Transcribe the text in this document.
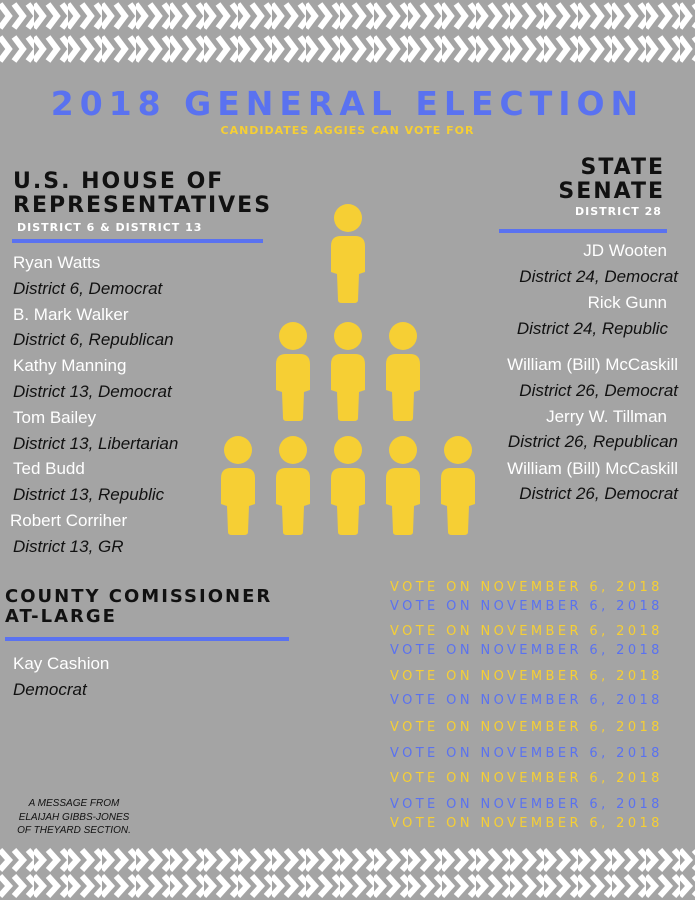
2018 GENERAL ELECTION
CANDIDATES AGGIES CAN VOTE FOR
U.S. HOUSE OF
REPRESENTATIVES
DISTRICT 6 & DISTRICT 13
Ryan Watts
District 6, Democrat
B. Mark Walker
District 6, Republican
Kathy Manning
District 13, Democrat
Tom Bailey
District 13, Libertarian
Ted Budd
District 13, Republic
Robert Corriher
District 13, GR
STATE
SENATE
DISTRICT 28
JD Wooten
District 24, Democrat
Rick Gunn
District 24, Republic
William (Bill) McCaskill
District 26, Democrat
Jerry W. Tillman
District 26, Republican
William (Bill) McCaskill
District 26, Democrat
COUNTY COMISSIONER
AT-LARGE
Kay Cashion
Democrat
VOTE ON NOVEMBER 6, 2018
VOTE ON NOVEMBER 6, 2018
VOTE ON NOVEMBER 6, 2018
VOTE ON NOVEMBER 6, 2018
VOTE ON NOVEMBER 6, 2018
VOTE ON NOVEMBER 6, 2018
VOTE ON NOVEMBER 6, 2018
VOTE ON NOVEMBER 6, 2018
VOTE ON NOVEMBER 6, 2018
VOTE ON NOVEMBER 6, 2018
VOTE ON NOVEMBER 6, 2018
A MESSAGE FROM
ELAIJAH GIBBS-JONES
OF THEYARD SECTION.
